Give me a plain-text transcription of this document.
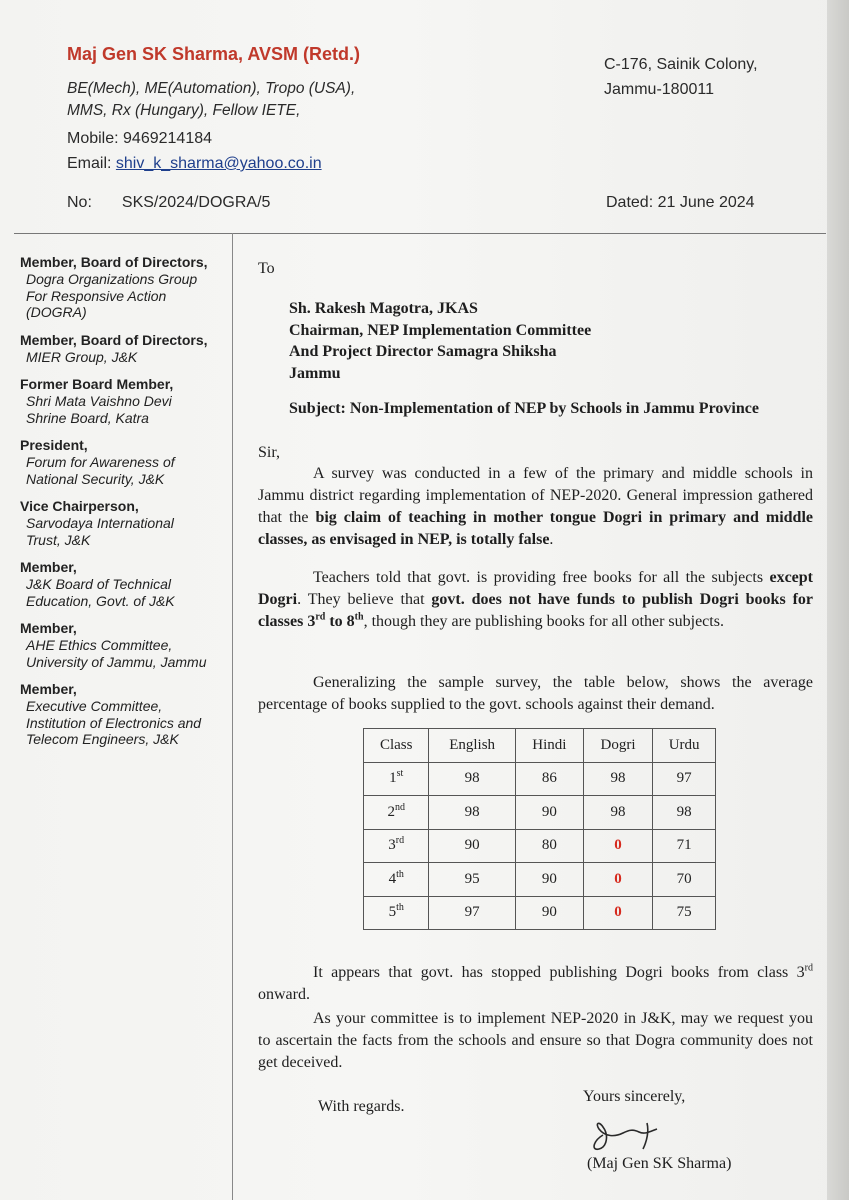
Maj Gen SK Sharma, AVSM (Retd.)
BE(Mech), ME(Automation), Tropo (USA),
MMS, Rx (Hungary), Fellow IETE,
Mobile: 9469214184
Email: shiv_k_sharma@yahoo.co.in
C-176, Sainik Colony,
Jammu-180011
No: SKS/2024/DOGRA/5	Dated: 21 June 2024
Member, Board of Directors,
Dogra Organizations Group
For Responsive Action
(DOGRA)
Member, Board of Directors,
MIER Group, J&K
Former Board Member,
Shri Mata Vaishno Devi
Shrine Board, Katra
President,
Forum for Awareness of
National Security, J&K
Vice Chairperson,
Sarvodaya International
Trust, J&K
Member,
J&K Board of Technical
Education, Govt. of J&K
Member,
AHE Ethics Committee,
University of Jammu, Jammu
Member,
Executive Committee,
Institution of Electronics and
Telecom Engineers, J&K
To
Sh. Rakesh Magotra, JKAS
Chairman, NEP Implementation Committee
And Project Director Samagra Shiksha
Jammu
Subject: Non-Implementation of NEP by Schools in Jammu Province
Sir,
A survey was conducted in a few of the primary and middle schools in Jammu district regarding implementation of NEP-2020. General impression gathered that the big claim of teaching in mother tongue Dogri in primary and middle classes, as envisaged in NEP, is totally false.
Teachers told that govt. is providing free books for all the subjects except Dogri. They believe that govt. does not have funds to publish Dogri books for classes 3rd to 8th, though they are publishing books for all other subjects.
Generalizing the sample survey, the table below, shows the average percentage of books supplied to the govt. schools against their demand.
Class	English	Hindi	Dogri	Urdu
1st	98	86	98	97
2nd	98	90	98	98
3rd	90	80	0	71
4th	95	90	0	70
5th	97	90	0	75
It appears that govt. has stopped publishing Dogri books from class 3rd onward.
As your committee is to implement NEP-2020 in J&K, may we request you to ascertain the facts from the schools and ensure so that Dogra community does not get deceived.
With regards.
Yours sincerely,
(Maj Gen SK Sharma)
